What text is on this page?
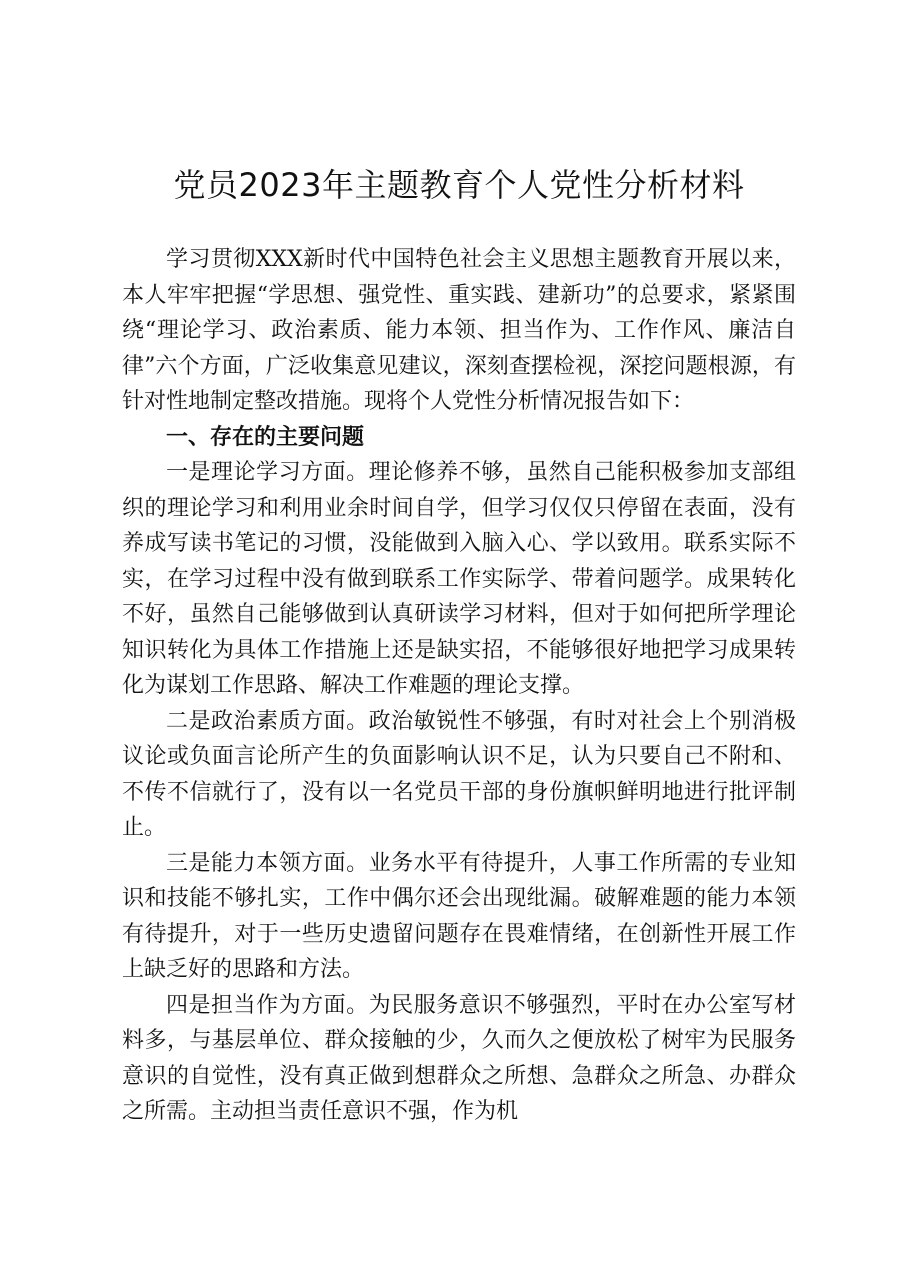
党员2023年主题教育个人党性分析材料

学习贯彻XXX新时代中国特色社会主义思想主题教育开展以来，本人牢牢把握“学思想、强党性、重实践、建新功”的总要求，紧紧围绕“理论学习、政治素质、能力本领、担当作为、工作作风、廉洁自律”六个方面，广泛收集意见建议，深刻查摆检视，深挖问题根源，有针对性地制定整改措施。现将个人党性分析情况报告如下：

一、存在的主要问题

一是理论学习方面。理论修养不够，虽然自己能积极参加支部组织的理论学习和利用业余时间自学，但学习仅仅只停留在表面，没有养成写读书笔记的习惯，没能做到入脑入心、学以致用。联系实际不实，在学习过程中没有做到联系工作实际学、带着问题学。成果转化不好，虽然自己能够做到认真研读学习材料，但对于如何把所学理论知识转化为具体工作措施上还是缺实招，不能够很好地把学习成果转化为谋划工作思路、解决工作难题的理论支撑。

二是政治素质方面。政治敏锐性不够强，有时对社会上个别消极议论或负面言论所产生的负面影响认识不足，认为只要自己不附和、不传不信就行了，没有以一名党员干部的身份旗帜鲜明地进行批评制止。

三是能力本领方面。业务水平有待提升，人事工作所需的专业知识和技能不够扎实，工作中偶尔还会出现纰漏。破解难题的能力本领有待提升，对于一些历史遗留问题存在畏难情绪，在创新性开展工作上缺乏好的思路和方法。

四是担当作为方面。为民服务意识不够强烈，平时在办公室写材料多，与基层单位、群众接触的少，久而久之便放松了树牢为民服务意识的自觉性，没有真正做到想群众之所想、急群众之所急、办群众之所需。主动担当责任意识不强，作为机
